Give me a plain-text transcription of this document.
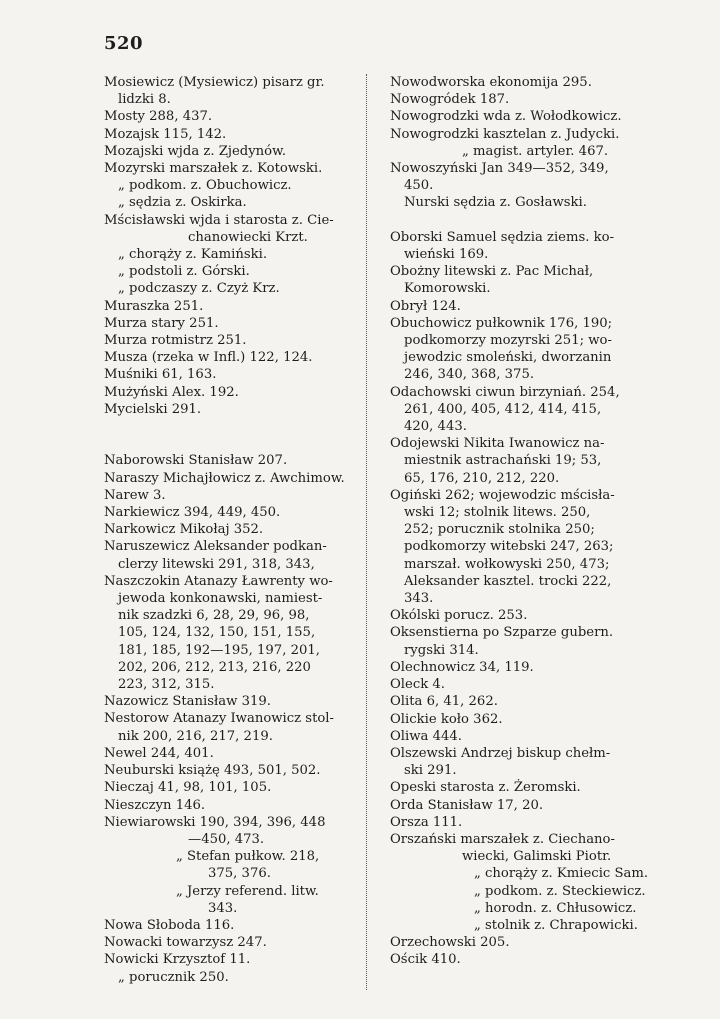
520
Mosiewicz (Mysiewicz) pisarz gr.
lidzki 8.
Mosty 288, 437.
Mozajsk 115, 142.
Mozajski wjda z. Zjedynów.
Mozyrski marszałek z. Kotowski.
„ podkom. z. Obuchowicz.
„ sędzia z. Oskirka.
Mścisławski wjda i starosta z. Cie-
chanowiecki Krzt.
„ chorąży z. Kamiński.
„ podstoli z. Górski.
„ podczaszy z. Czyż Krz.
Muraszka 251.
Murza stary 251.
Murza rotmistrz 251.
Musza (rzeka w Infl.) 122, 124.
Muśniki 61, 163.
Mużyński Alex. 192.
Mycielski 291.
Naborowski Stanisław 207.
Naraszy Michajłowicz z. Awchimow.
Narew 3.
Narkiewicz 394, 449, 450.
Narkowicz Mikołaj 352.
Naruszewicz Aleksander podkan-
clerzy litewski 291, 318, 343,
Naszczokin Atanazy Ławrenty wo-
jewoda konkonawski, namiest-
nik szadzki 6, 28, 29, 96, 98,
105, 124, 132, 150, 151, 155,
181, 185, 192—195, 197, 201,
202, 206, 212, 213, 216, 220
223, 312, 315.
Nazowicz Stanisław 319.
Nestorow Atanazy Iwanowicz stol-
nik 200, 216, 217, 219.
Newel 244, 401.
Neuburski książę 493, 501, 502.
Nieczaj 41, 98, 101, 105.
Nieszczyn 146.
Niewiarowski 190, 394, 396, 448
—450, 473.
„ Stefan pułkow. 218,
375, 376.
„ Jerzy referend. litw.
343.
Nowa Słoboda 116.
Nowacki towarzysz 247.
Nowicki Krzysztof 11.
„ porucznik 250.
Nowodworska ekonomija 295.
Nowogródek 187.
Nowogrodzki wda z. Wołodkowicz.
Nowogrodzki kasztelan z. Judycki.
„ magist. artyler. 467.
Nowoszyński Jan 349—352, 349,
450.
Nurski sędzia z. Gosławski.
Oborski Samuel sędzia ziems. ko-
wieński 169.
Obożny litewski z. Pac Michał,
Komorowski.
Obrył 124.
Obuchowicz pułkownik 176, 190;
podkomorzy mozyrski 251; wo-
jewodzic smoleński, dworzanin
246, 340, 368, 375.
Odachowski ciwun birzyniań. 254,
261, 400, 405, 412, 414, 415,
420, 443.
Odojewski Nikita Iwanowicz na-
miestnik astrachański 19; 53,
65, 176, 210, 212, 220.
Ogiński 262; wojewodzic mścisła-
wski 12; stolnik litews. 250,
252; porucznik stolnika 250;
podkomorzy witebski 247, 263;
marszał. wołkowyski 250, 473;
Aleksander kasztel. trocki 222,
343.
Okólski porucz. 253.
Oksenstierna po Szparze gubern.
rygski 314.
Olechnowicz 34, 119.
Oleck 4.
Olita 6, 41, 262.
Olickie koło 362.
Oliwa 444.
Olszewski Andrzej biskup chełm-
ski 291.
Opeski starosta z. Żeromski.
Orda Stanisław 17, 20.
Orsza 111.
Orszański marszałek z. Ciechano-
wiecki, Galimski Piotr.
„ chorąży z. Kmiecic Sam.
„ podkom. z. Steckiewicz.
„ horodn. z. Chłusowicz.
„ stolnik z. Chrapowicki.
Orzechowski 205.
Ościk 410.
